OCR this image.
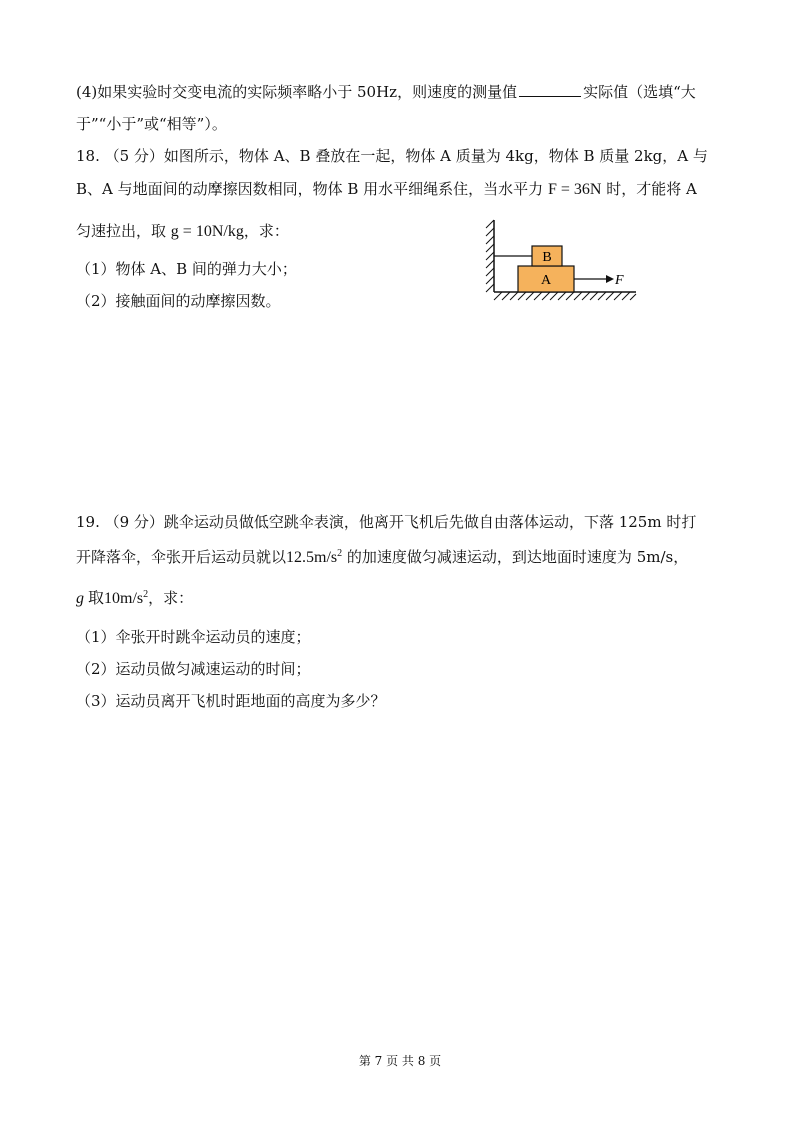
(4)如果实验时交变电流的实际频率略小于 50Hz，则速度的测量值	实际值（选填“大
于”“小于”或“相等”）。
18. （5 分）如图所示，物体 A、B 叠放在一起，物体 A 质量为 4kg，物体 B 质量 2kg，A 与
B、A 与地面间的动摩擦因数相同，物体 B 用水平细绳系住，当水平力 F = 36N 时，才能将 A
匀速拉出，取 g = 10N/kg，求：
（1）物体 A、B 间的弹力大小；
（2）接触面间的动摩擦因数。
A
B
F
19. （9 分）跳伞运动员做低空跳伞表演，他离开飞机后先做自由落体运动，下落 125m 时打
开降落伞，伞张开后运动员就以$12.5m/s^2$ 的加速度做匀减速运动，到达地面时速度为 5m/s，
g 取$10m/s^2$，求：
（1）伞张开时跳伞运动员的速度；
（2）运动员做匀减速运动的时间；
（3）运动员离开飞机时距地面的高度为多少？
第 7 页 共 8 页
